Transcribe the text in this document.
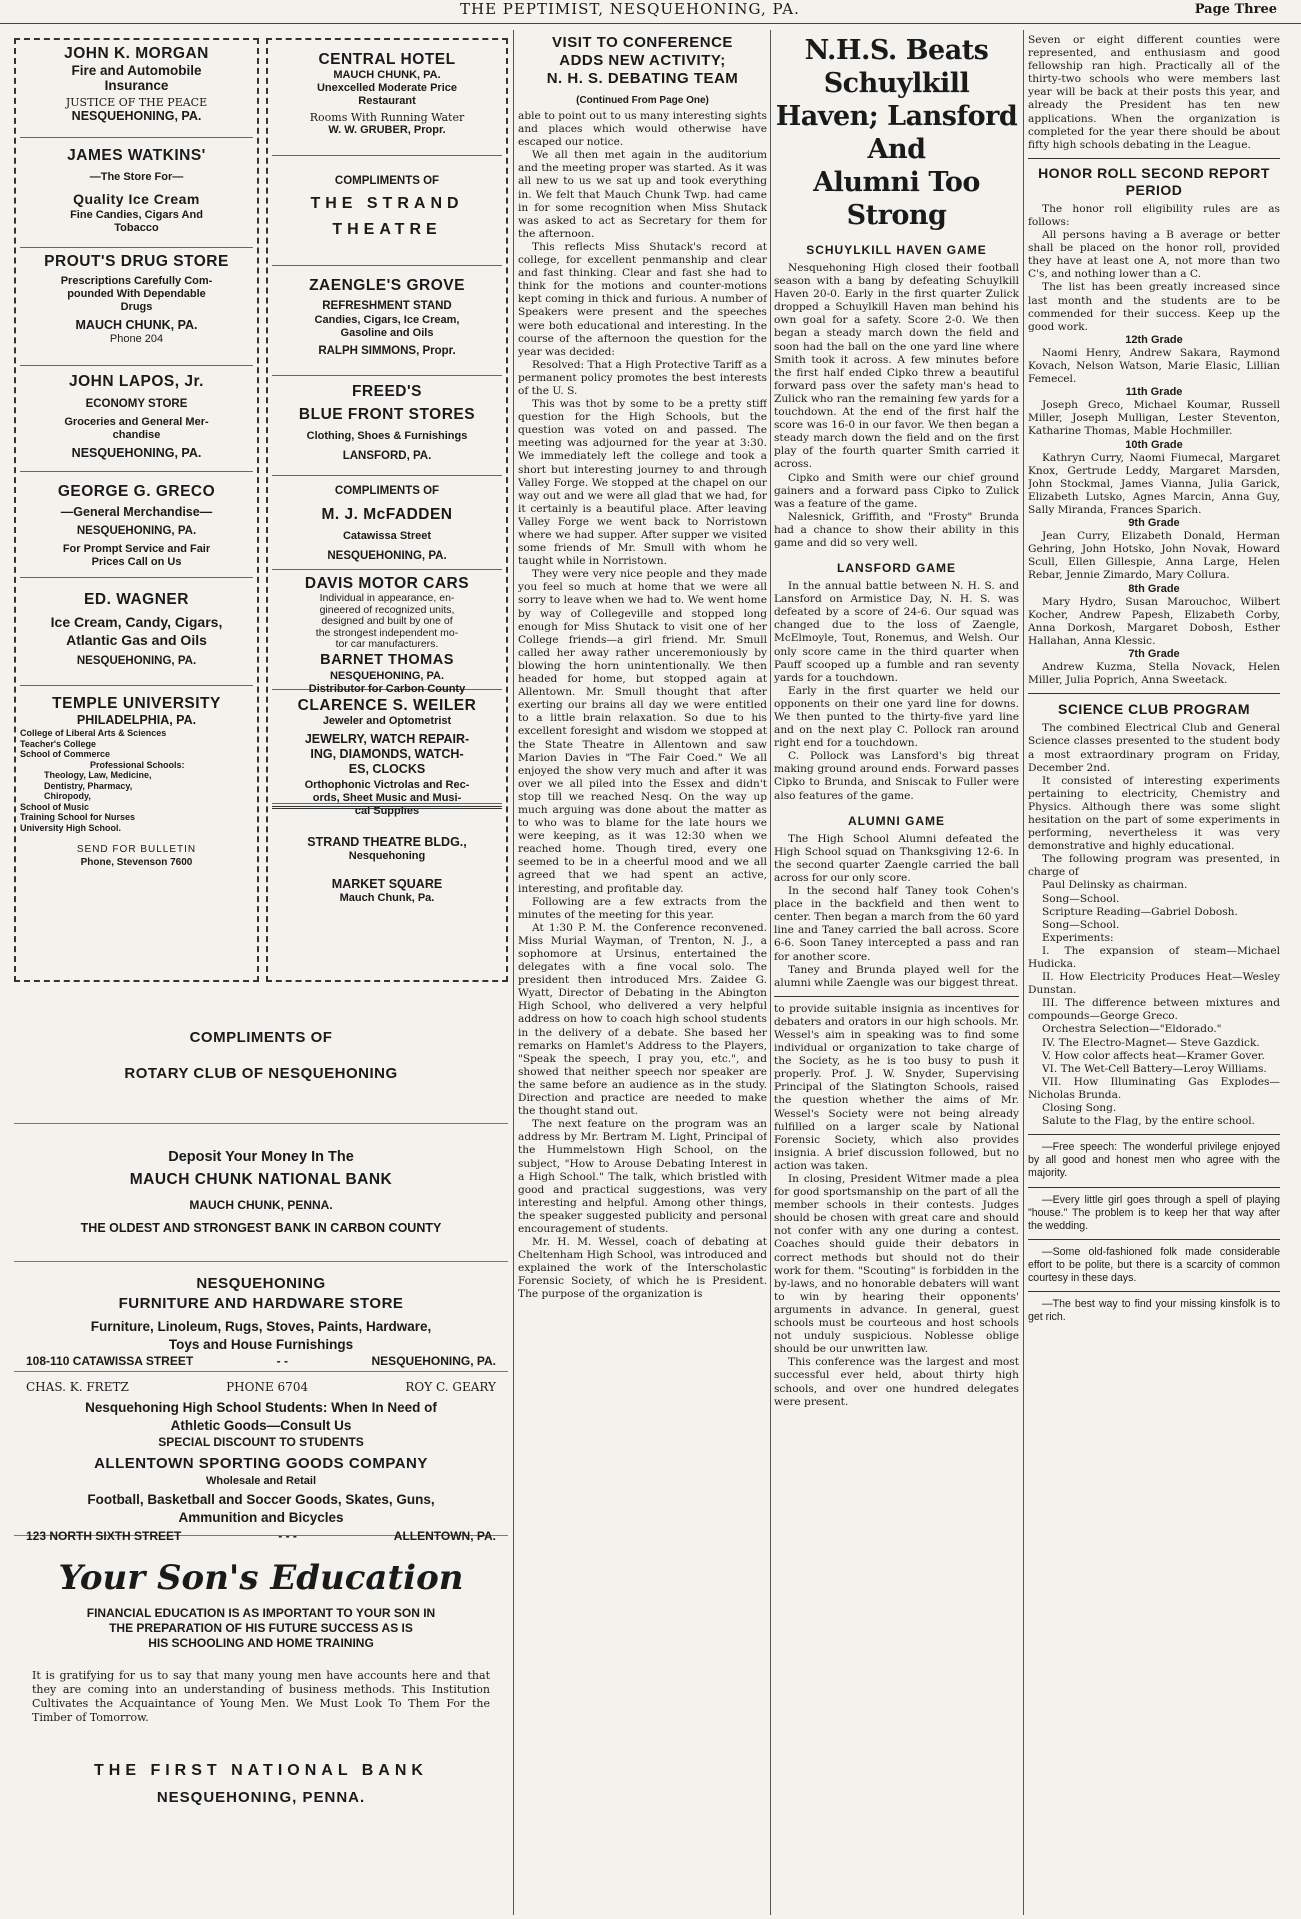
THE PEPTIMIST, NESQUEHONING, PA.	Page Three
JOHN K. MORGAN
Fire and Automobile
Insurance
JUSTICE OF THE PEACE
NESQUEHONING, PA.
JAMES WATKINS'
—The Store For—
Quality Ice Cream
Fine Candies, Cigars And
Tobacco
PROUT'S DRUG STORE
Prescriptions Carefully Com-
pounded With Dependable
Drugs
MAUCH CHUNK, PA.
Phone 204
JOHN LAPOS, Jr.
ECONOMY STORE
Groceries and General Mer-
chandise
NESQUEHONING, PA.
GEORGE G. GRECO
—General Merchandise—
NESQUEHONING, PA.
For Prompt Service and Fair
Prices Call on Us
ED. WAGNER
Ice Cream, Candy, Cigars,
Atlantic Gas and Oils
NESQUEHONING, PA.
TEMPLE UNIVERSITY
PHILADELPHIA, PA.
College of Liberal Arts & Sciences
Teacher's College
School of Commerce
Professional Schools:
Theology, Law, Medicine,
Dentistry, Pharmacy,
Chiropody,
School of Music
Training School for Nurses
University High School.
SEND FOR BULLETIN
Phone, Stevenson 7600
CENTRAL HOTEL
MAUCH CHUNK, PA.
Unexcelled Moderate Price
Restaurant
Rooms With Running Water
W. W. GRUBER, Propr.
COMPLIMENTS OF
THE STRAND
THEATRE
ZAENGLE'S GROVE
REFRESHMENT STAND
Candies, Cigars, Ice Cream,
Gasoline and Oils
RALPH SIMMONS, Propr.
FREED'S
BLUE FRONT STORES
Clothing, Shoes & Furnishings
LANSFORD, PA.
COMPLIMENTS OF
M. J. McFADDEN
Catawissa Street
NESQUEHONING, PA.
DAVIS MOTOR CARS
Individual in appearance, en-
gineered of recognized units,
designed and built by one of
the strongest independent mo-
tor car manufacturers.
BARNET THOMAS
NESQUEHONING, PA.
Distributor for Carbon County
CLARENCE S. WEILER
Jeweler and Optometrist
JEWELRY, WATCH REPAIR-
ING, DIAMONDS, WATCH-
ES, CLOCKS
Orthophonic Victrolas and Rec-
ords, Sheet Music and Musi-
cal Supplies
STRAND THEATRE BLDG.,
Nesquehoning
MARKET SQUARE
Mauch Chunk, Pa.
COMPLIMENTS OF
ROTARY CLUB OF NESQUEHONING
Deposit Your Money In The
MAUCH CHUNK NATIONAL BANK
MAUCH CHUNK, PENNA.
THE OLDEST AND STRONGEST BANK IN CARBON COUNTY
NESQUEHONING
FURNITURE AND HARDWARE STORE
Furniture, Linoleum, Rugs, Stoves, Paints, Hardware,
Toys and House Furnishings
108-110 CATAWISSA STREET	- -	NESQUEHONING, PA.
CHAS. K. FRETZ	PHONE 6704	ROY C. GEARY
Nesquehoning High School Students: When In Need of
Athletic Goods—Consult Us
SPECIAL DISCOUNT TO STUDENTS
ALLENTOWN SPORTING GOODS COMPANY
Wholesale and Retail
Football, Basketball and Soccer Goods, Skates, Guns,
Ammunition and Bicycles
123 NORTH SIXTH STREET	- - -	ALLENTOWN, PA.
Your Son's Education
FINANCIAL EDUCATION IS AS IMPORTANT TO YOUR SON IN
THE PREPARATION OF HIS FUTURE SUCCESS AS IS
HIS SCHOOLING AND HOME TRAINING
It is gratifying for us to say that many young men have accounts here and that they are coming into an understanding of business methods. This Institution Cultivates the Acquaintance of Young Men. We Must Look To Them For the Timber of Tomorrow.
THE FIRST NATIONAL BANK
NESQUEHONING, PENNA.
VISIT TO CONFERENCE
ADDS NEW ACTIVITY;
N. H. S. DEBATING TEAM
(Continued From Page One)

able to point out to us many interesting sights and places which would otherwise have escaped our notice.

We all then met again in the auditorium and the meeting proper was started. As it was all new to us we sat up and took everything in. We felt that Mauch Chunk Twp. had came in for some recognition when Miss Shutack was asked to act as Secretary for them for the afternoon.

This reflects Miss Shutack's record at college, for excellent penmanship and clear and fast thinking. Clear and fast she had to think for the motions and counter-motions kept coming in thick and furious. A number of Speakers were present and the speeches were both educational and interesting. In the course of the afternoon the question for the year was decided:

Resolved: That a High Protective Tariff as a permanent policy promotes the best interests of the U. S.

This was thot by some to be a pretty stiff question for the High Schools, but the question was voted on and passed. The meeting was adjourned for the year at 3:30. We immediately left the college and took a short but interesting journey to and through Valley Forge. We stopped at the chapel on our way out and we were all glad that we had, for it certainly is a beautiful place. After leaving Valley Forge we went back to Norristown where we had supper. After supper we visited some friends of Mr. Smull with whom he taught while in Norristown.

They were very nice people and they made you feel so much at home that we were all sorry to leave when we had to. We went home by way of Collegeville and stopped long enough for Miss Shutack to visit one of her College friends—a girl friend. Mr. Smull called her away rather unceremoniously by blowing the horn unintentionally. We then headed for home, but stopped again at Allentown. Mr. Smull thought that after exerting our brains all day we were entitled to a little brain relaxation. So due to his excellent foresight and wisdom we stopped at the State Theatre in Allentown and saw Marion Davies in "The Fair Coed." We all enjoyed the show very much and after it was over we all piled into the Essex and didn't stop till we reached Nesq. On the way up much arguing was done about the matter as to who was to blame for the late hours we were keeping, as it was 12:30 when we reached home. Though tired, every one seemed to be in a cheerful mood and we all agreed that we had spent an active, interesting, and profitable day.

Following are a few extracts from the minutes of the meeting for this year.

At 1:30 P. M. the Conference reconvened. Miss Murial Wayman, of Trenton, N. J., a sophomore at Ursinus, entertained the delegates with a fine vocal solo. The president then introduced Mrs. Zaidee G. Wyatt, Director of Debating in the Abington High School, who delivered a very helpful address on how to coach high school students in the delivery of a debate. She based her remarks on Hamlet's Address to the Players, "Speak the speech, I pray you, etc.", and showed that neither speech nor speaker are the same before an audience as in the study. Direction and practice are needed to make the thought stand out.

The next feature on the program was an address by Mr. Bertram M. Light, Principal of the Hummelstown High School, on the subject, "How to Arouse Debating Interest in a High School." The talk, which bristled with good and practical suggestions, was very interesting and helpful. Among other things, the speaker suggested publicity and personal encouragement of students.

Mr. H. M. Wessel, coach of debating at Cheltenham High School, was introduced and explained the work of the Interscholastic Forensic Society, of which he is President. The purpose of the organization is

N.H.S. Beats Schuylkill
Haven; Lansford And
Alumni Too Strong
SCHUYLKILL HAVEN GAME

Nesquehoning High closed their football season with a bang by defeating Schuylkill Haven 20-0. Early in the first quarter Zulick dropped a Schuylkill Haven man behind his own goal for a safety. Score 2-0. We then began a steady march down the field and soon had the ball on the one yard line where Smith took it across. A few minutes before the first half ended Cipko threw a beautiful forward pass over the safety man's head to Zulick who ran the remaining few yards for a touchdown. At the end of the first half the score was 16-0 in our favor. We then began a steady march down the field and on the first play of the fourth quarter Smith carried it across.

Cipko and Smith were our chief ground gainers and a forward pass Cipko to Zulick was a feature of the game.

Nalesnick, Griffith, and "Frosty" Brunda had a chance to show their ability in this game and did so very well.

LANSFORD GAME

In the annual battle between N. H. S. and Lansford on Armistice Day, N. H. S. was defeated by a score of 24-6. Our squad was changed due to the loss of Zaengle, McElmoyle, Tout, Ronemus, and Welsh. Our only score came in the third quarter when Pauff scooped up a fumble and ran seventy yards for a touchdown.

Early in the first quarter we held our opponents on their one yard line for downs. We then punted to the thirty-five yard line and on the next play C. Pollock ran around right end for a touchdown.

C. Pollock was Lansford's big threat making ground around ends. Forward passes Cipko to Brunda, and Sniscak to Fuller were also features of the game.

ALUMNI GAME

The High School Alumni defeated the High School squad on Thanksgiving 12-6. In the second quarter Zaengle carried the ball across for our only score.

In the second half Taney took Cohen's place in the backfield and then went to center. Then began a march from the 60 yard line and Taney carried the ball across. Score 6-6. Soon Taney intercepted a pass and ran for another score.

Taney and Brunda played well for the alumni while Zaengle was our biggest threat.

to provide suitable insignia as incentives for debaters and orators in our high schools. Mr. Wessel's aim in speaking was to find some individual or organization to take charge of the Society, as he is too busy to push it properly. Prof. J. W. Snyder, Supervising Principal of the Slatington Schools, raised the question whether the aims of Mr. Wessel's Society were not being already fulfilled on a larger scale by National Forensic Society, which also provides insignia. A brief discussion followed, but no action was taken.

In closing, President Witmer made a plea for good sportsmanship on the part of all the member schools in their contests. Judges should be chosen with great care and should not confer with any one during a contest. Coaches should guide their debators in correct methods but should not do their work for them. "Scouting" is forbidden in the by-laws, and no honorable debaters will want to win by hearing their opponents' arguments in advance. In general, guest schools must be courteous and host schools not unduly suspicious. Noblesse oblige should be our unwritten law.

This conference was the largest and most successful ever held, about thirty high schools, and over one hundred delegates were present.

Seven or eight different counties were represented, and enthusiasm and good fellowship ran high. Practically all of the thirty-two schools who were members last year will be back at their posts this year, and already the President has ten new applications. When the organization is completed for the year there should be about fifty high schools debating in the League.

HONOR ROLL SECOND REPORT PERIOD

The honor roll eligibility rules are as follows:

All persons having a B average or better shall be placed on the honor roll, provided they have at least one A, not more than two C's, and nothing lower than a C.

The list has been greatly increased since last month and the students are to be commended for their success. Keep up the good work.

12th Grade

Naomi Henry, Andrew Sakara, Raymond Kovach, Nelson Watson, Marie Elasic, Lillian Femecel.

11th Grade

Joseph Greco, Michael Koumar, Russell Miller, Joseph Mulligan, Lester Steventon, Katharine Thomas, Mable Hochmiller.

10th Grade

Kathryn Curry, Naomi Fiumecal, Margaret Knox, Gertrude Leddy, Margaret Marsden, John Stockmal, James Vianna, Julia Garick, Elizabeth Lutsko, Agnes Marcin, Anna Guy, Sally Miranda, Frances Sparich.

9th Grade

Jean Curry, Elizabeth Donald, Herman Gehring, John Hotsko, John Novak, Howard Scull, Ellen Gillespie, Anna Large, Helen Rebar, Jennie Zimardo, Mary Collura.

8th Grade

Mary Hydro, Susan Marouchoc, Wilbert Kocher, Andrew Papesh, Elizabeth Corby, Anna Dorkosh, Margaret Dobosh, Esther Hallahan, Anna Klessic.

7th Grade

Andrew Kuzma, Stella Novack, Helen Miller, Julia Poprich, Anna Sweetack.

SCIENCE CLUB PROGRAM

The combined Electrical Club and General Science classes presented to the student body a most extraordinary program on Friday, December 2nd.

It consisted of interesting experiments pertaining to electricity, Chemistry and Physics. Although there was some slight hesitation on the part of some experiments in performing, nevertheless it was very demonstrative and highly educational.

The following program was presented, in charge of

Paul Delinsky as chairman.

Song—School.

Scripture Reading—Gabriel Dobosh.

Song—School.

Experiments:

I. The expansion of steam—Michael Hudicka.

II. How Electricity Produces Heat—Wesley Dunstan.

III. The difference between mixtures and compounds—George Greco.

Orchestra Selection—"Eldorado."

IV. The Electro-Magnet— Steve Gazdick.

V. How color affects heat—Kramer Gover.

VI. The Wet-Cell Battery—Leroy Williams.

VII. How Illuminating Gas Explodes—Nicholas Brunda.

Closing Song.

Salute to the Flag, by the entire school.

—Free speech: The wonderful privilege enjoyed by all good and honest men who agree with the majority.

—Every little girl goes through a spell of playing "house." The problem is to keep her that way after the wedding.

—Some old-fashioned folk made considerable effort to be polite, but there is a scarcity of common courtesy in these days.

—The best way to find your missing kinsfolk is to get rich.
